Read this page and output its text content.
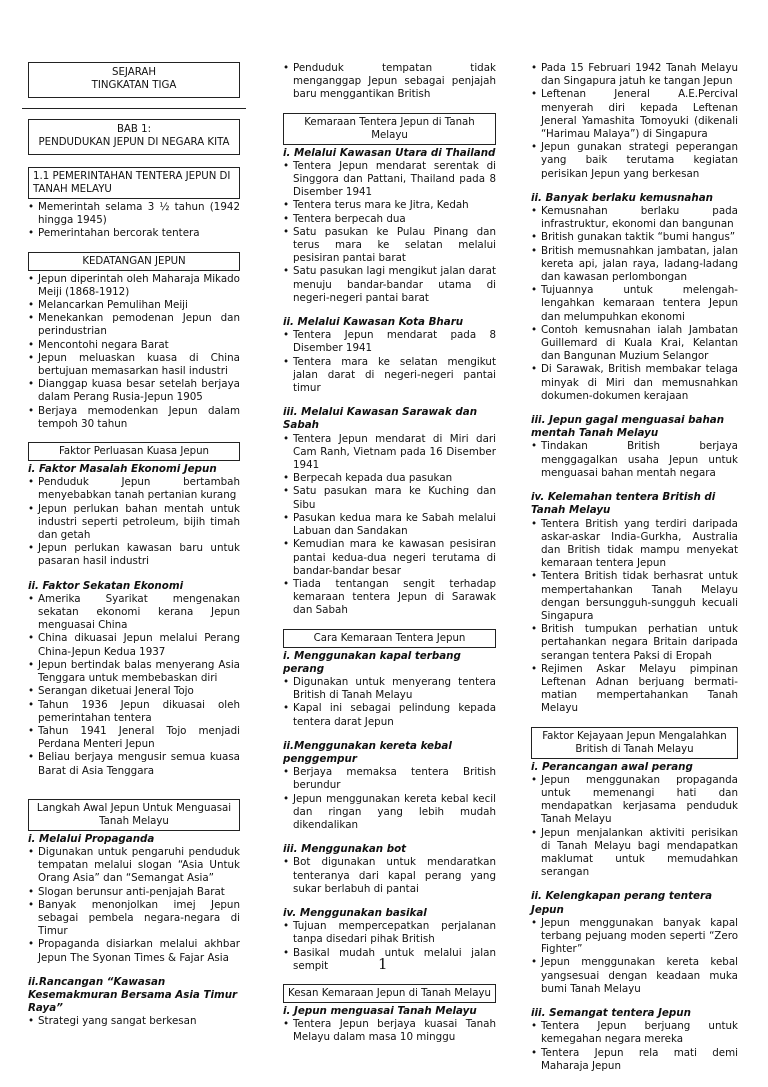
SEJARAH
TINGKATAN TIGA
BAB 1:
PENDUDUKAN JEPUN DI NEGARA KITA
1.1 PEMERINTAHAN TENTERA JEPUN DI TANAH MELAYU
• Memerintah selama 3 ½ tahun (1942 hingga 1945)
• Pemerintahan bercorak tentera
KEDATANGAN JEPUN
• Jepun diperintah oleh Maharaja Mikado Meiji (1868-1912)
• Melancarkan Pemulihan Meiji
• Menekankan pemodenan Jepun dan perindustrian
• Mencontohi negara Barat
• Jepun meluaskan kuasa di China bertujuan memasarkan hasil industri
• Dianggap kuasa besar setelah berjaya dalam Perang Rusia-Jepun 1905
• Berjaya memodenkan Jepun dalam tempoh 30 tahun
Faktor Perluasan Kuasa Jepun

i. Faktor Masalah Ekonomi Jepun

• Penduduk Jepun bertambah menyebabkan tanah pertanian kurang
• Jepun perlukan bahan mentah untuk industri seperti petroleum, bijih timah dan getah
• Jepun perlukan kawasan baru untuk pasaran hasil industri

ii. Faktor Sekatan Ekonomi

• Amerika Syarikat mengenakan sekatan ekonomi kerana Jepun menguasai China
• China dikuasai Jepun melalui Perang China-Jepun Kedua 1937
• Jepun bertindak balas menyerang Asia Tenggara untuk membebaskan diri
• Serangan diketuai Jeneral Tojo
• Tahun 1936 Jepun dikuasai oleh pemerintahan tentera
• Tahun 1941 Jeneral Tojo menjadi Perdana Menteri Jepun
• Beliau berjaya mengusir semua kuasa Barat di Asia Tenggara
Langkah Awal Jepun Untuk Menguasai Tanah Melayu

i. Melalui Propaganda

• Digunakan untuk pengaruhi penduduk tempatan melalui slogan “Asia Untuk Orang Asia” dan “Semangat Asia”
• Slogan berunsur anti-penjajah Barat
• Banyak menonjolkan imej Jepun sebagai pembela negara-negara di Timur
• Propaganda disiarkan melalui akhbar Jepun The Syonan Times & Fajar Asia

ii.Rancangan “Kawasan Kesemakmuran Bersama Asia Timur Raya”

• Strategi yang sangat berkesan
• Penduduk tempatan tidak menganggap Jepun sebagai penjajah baru menggantikan British
Kemaraan Tentera Jepun di Tanah Melayu

i. Melalui Kawasan Utara di Thailand

• Tentera Jepun mendarat serentak di Singgora dan Pattani, Thailand pada 8 Disember 1941
• Tentera terus mara ke Jitra, Kedah
• Tentera berpecah dua
• Satu pasukan ke Pulau Pinang dan terus mara ke selatan melalui pesisiran pantai barat
• Satu pasukan lagi mengikut jalan darat menuju bandar-bandar utama di negeri-negeri pantai barat

ii. Melalui Kawasan Kota Bharu

• Tentera Jepun mendarat pada 8 Disember 1941
• Tentera mara ke selatan mengikut jalan darat di negeri-negeri pantai timur

iii. Melalui Kawasan Sarawak dan Sabah

• Tentera Jepun mendarat di Miri dari Cam Ranh, Vietnam pada 16 Disember 1941
• Berpecah kepada dua pasukan
• Satu pasukan mara ke Kuching dan Sibu
• Pasukan kedua mara ke Sabah melalui Labuan dan Sandakan
• Kemudian mara ke kawasan pesisiran pantai kedua-dua negeri terutama di bandar-bandar besar
• Tiada tentangan sengit terhadap kemaraan tentera Jepun di Sarawak dan Sabah
Cara Kemaraan Tentera Jepun

i. Menggunakan kapal terbang perang

• Digunakan untuk menyerang tentera British di Tanah Melayu
• Kapal ini sebagai pelindung kepada tentera darat Jepun

ii.Menggunakan kereta kebal penggempur

• Berjaya memaksa tentera British berundur
• Jepun menggunakan kereta kebal kecil dan ringan yang lebih mudah dikendalikan

iii. Menggunakan bot

• Bot digunakan untuk mendaratkan tenteranya dari kapal perang yang sukar berlabuh di pantai

iv. Menggunakan basikal

• Tujuan mempercepatkan perjalanan tanpa disedari pihak British
• Basikal mudah untuk melalui jalan sempit
Kesan Kemaraan Jepun di Tanah Melayu

i. Jepun menguasai Tanah Melayu

• Tentera Jepun berjaya kuasai Tanah Melayu dalam masa 10 minggu
• Pada 15 Februari 1942 Tanah Melayu dan Singapura jatuh ke tangan Jepun
• Leftenan Jeneral A.E.Percival menyerah diri kepada Leftenan Jeneral Yamashita Tomoyuki (dikenali “Harimau Malaya”) di Singapura
• Jepun gunakan strategi peperangan yang baik terutama kegiatan perisikan Jepun yang berkesan

ii. Banyak berlaku kemusnahan

• Kemusnahan berlaku pada infrastruktur, ekonomi dan bangunan
• British gunakan taktik “bumi hangus”
• British memusnahkan jambatan, jalan kereta api, jalan raya, ladang-ladang dan kawasan perlombongan
• Tujuannya untuk melengah-lengahkan kemaraan tentera Jepun dan melumpuhkan ekonomi
• Contoh kemusnahan ialah Jambatan Guillemard di Kuala Krai, Kelantan dan Bangunan Muzium Selangor
• Di Sarawak, British membakar telaga minyak di Miri dan memusnahkan dokumen-dokumen kerajaan

iii. Jepun gagal menguasai bahan mentah Tanah Melayu

• Tindakan British berjaya menggagalkan usaha Jepun untuk menguasai bahan mentah negara

iv. Kelemahan tentera British di Tanah Melayu

• Tentera British yang terdiri daripada askar-askar India-Gurkha, Australia dan British tidak mampu menyekat kemaraan tentera Jepun
• Tentera British tidak berhasrat untuk mempertahankan Tanah Melayu dengan bersungguh-sungguh kecuali Singapura
• British tumpukan perhatian untuk pertahankan negara Britain daripada serangan tentera Paksi di Eropah
• Rejimen Askar Melayu pimpinan Leftenan Adnan berjuang bermati-matian mempertahankan Tanah Melayu
Faktor Kejayaan Jepun Mengalahkan British di Tanah Melayu

i. Perancangan awal perang

• Jepun menggunakan propaganda untuk memenangi hati dan mendapatkan kerjasama penduduk Tanah Melayu
• Jepun menjalankan aktiviti perisikan di Tanah Melayu bagi mendapatkan maklumat untuk memudahkan serangan

ii. Kelengkapan perang tentera Jepun

• Jepun menggunakan banyak kapal terbang pejuang moden seperti “Zero Fighter”
• Jepun menggunakan kereta kebal yangsesuai dengan keadaan muka bumi Tanah Melayu

iii. Semangat tentera Jepun

• Tentera Jepun berjuang untuk kemegahan negara mereka
• Tentera Jepun rela mati demi Maharaja Jepun
1
